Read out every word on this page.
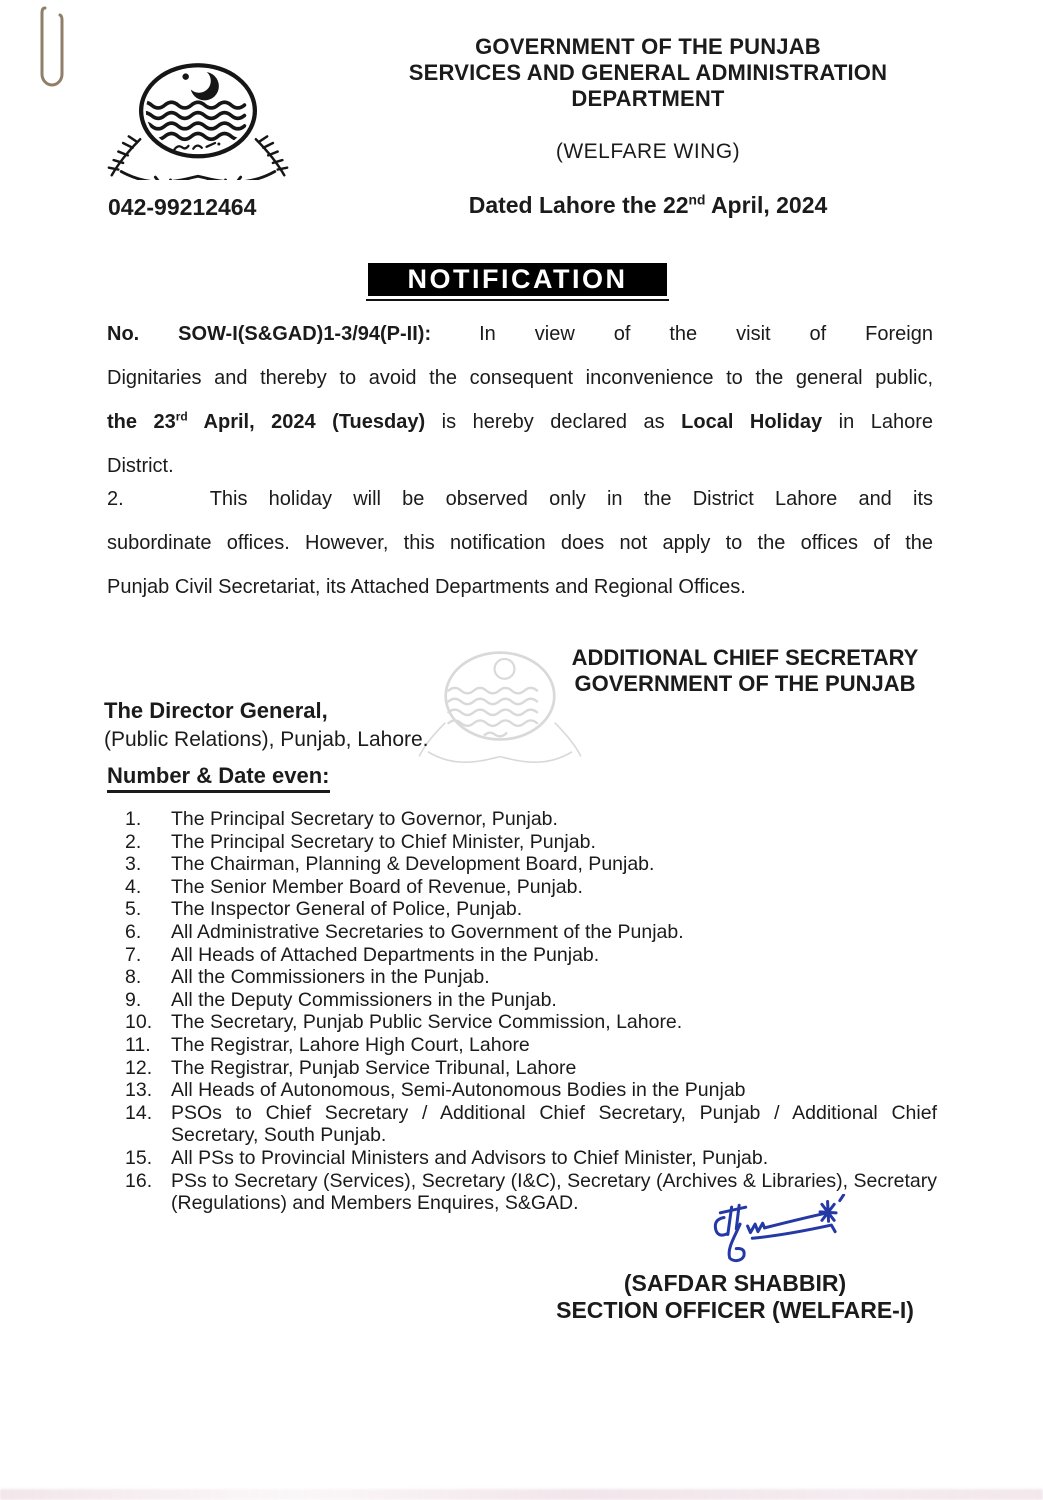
GOVERNMENT OF THE PUNJAB
SERVICES AND GENERAL ADMINISTRATION
DEPARTMENT
(WELFARE WING)
042-99212464	Dated Lahore the 22nd April, 2024
NOTIFICATION
No. SOW-I(S&GAD)1-3/94(P-II): In view of the visit of Foreign
Dignitaries and thereby to avoid the consequent inconvenience to the general public,
the 23rd April, 2024 (Tuesday) is hereby declared as Local Holiday in Lahore
District.
2.	This holiday will be observed only in the District Lahore and its
subordinate offices. However, this notification does not apply to the offices of the
Punjab Civil Secretariat, its Attached Departments and Regional Offices.
ADDITIONAL CHIEF SECRETARY
GOVERNMENT OF THE PUNJAB
The Director General,
(Public Relations), Punjab, Lahore.
Number & Date even:
1.	The Principal Secretary to Governor, Punjab.
2.	The Principal Secretary to Chief Minister, Punjab.
3.	The Chairman, Planning & Development Board, Punjab.
4.	The Senior Member Board of Revenue, Punjab.
5.	The Inspector General of Police, Punjab.
6.	All Administrative Secretaries to Government of the Punjab.
7.	All Heads of Attached Departments in the Punjab.
8.	All the Commissioners in the Punjab.
9.	All the Deputy Commissioners in the Punjab.
10. The Secretary, Punjab Public Service Commission, Lahore.
11.	The Registrar, Lahore High Court, Lahore
12. The Registrar, Punjab Service Tribunal, Lahore
13. All Heads of Autonomous, Semi-Autonomous Bodies in the Punjab
14. PSOs to Chief Secretary / Additional Chief Secretary, Punjab / Additional Chief Secretary, South Punjab.
15. All PSs to Provincial Ministers and Advisors to Chief Minister, Punjab.
16. PSs to Secretary (Services), Secretary (I&C), Secretary (Archives & Libraries), Secretary (Regulations) and Members Enquires, S&GAD.
(SAFDAR SHABBIR)
SECTION OFFICER (WELFARE-I)
